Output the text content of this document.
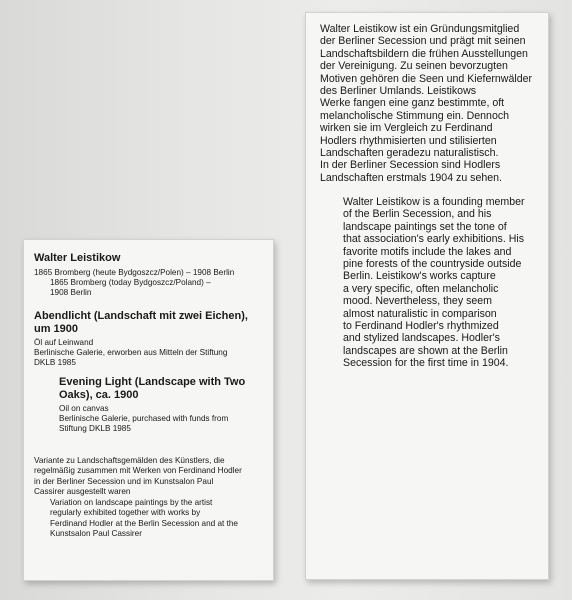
Walter Leistikow

1865 Bromberg (heute Bydgoszcz/Polen) – 1908 Berlin

1865 Bromberg (today Bydgoszcz/Poland) –
1908 Berlin
Abendlicht (Landschaft mit zwei Eichen),
um 1900

Öl auf Leinwand

Berlinische Galerie, erworben aus Mitteln der Stiftung
DKLB 1985
Evening Light (Landscape with Two
Oaks), ca. 1900

Oil on canvas

Berlinische Galerie, purchased with funds from
Stiftung DKLB 1985
Variante zu Landschaftsgemälden des Künstlers, die
regelmäßig zusammen mit Werken von Ferdinand Hodler
in der Berliner Secession und im Kunstsalon Paul
Cassirer ausgestellt waren
Variation on landscape paintings by the artist
regularly exhibited together with works by
Ferdinand Hodler at the Berlin Secession and at the
Kunstsalon Paul Cassirer
Walter Leistikow ist ein Gründungsmitglied
der Berliner Secession und prägt mit seinen
Landschaftsbildern die frühen Ausstellungen
der Vereinigung. Zu seinen bevorzugten
Motiven gehören die Seen und Kiefernwälder
des Berliner Umlands. Leistikows
Werke fangen eine ganz bestimmte, oft
melancholische Stimmung ein. Dennoch
wirken sie im Vergleich zu Ferdinand
Hodlers rhythmisierten und stilisierten
Landschaften geradezu naturalistisch.
In der Berliner Secession sind Hodlers
Landschaften erstmals 1904 zu sehen.
Walter Leistikow is a founding member
of the Berlin Secession, and his
landscape paintings set the tone of
that association's early exhibitions. His
favorite motifs include the lakes and
pine forests of the countryside outside
Berlin. Leistikow's works capture
a very specific, often melancholic
mood. Nevertheless, they seem
almost naturalistic in comparison
to Ferdinand Hodler's rhythmized
and stylized landscapes. Hodler's
landscapes are shown at the Berlin
Secession for the first time in 1904.
